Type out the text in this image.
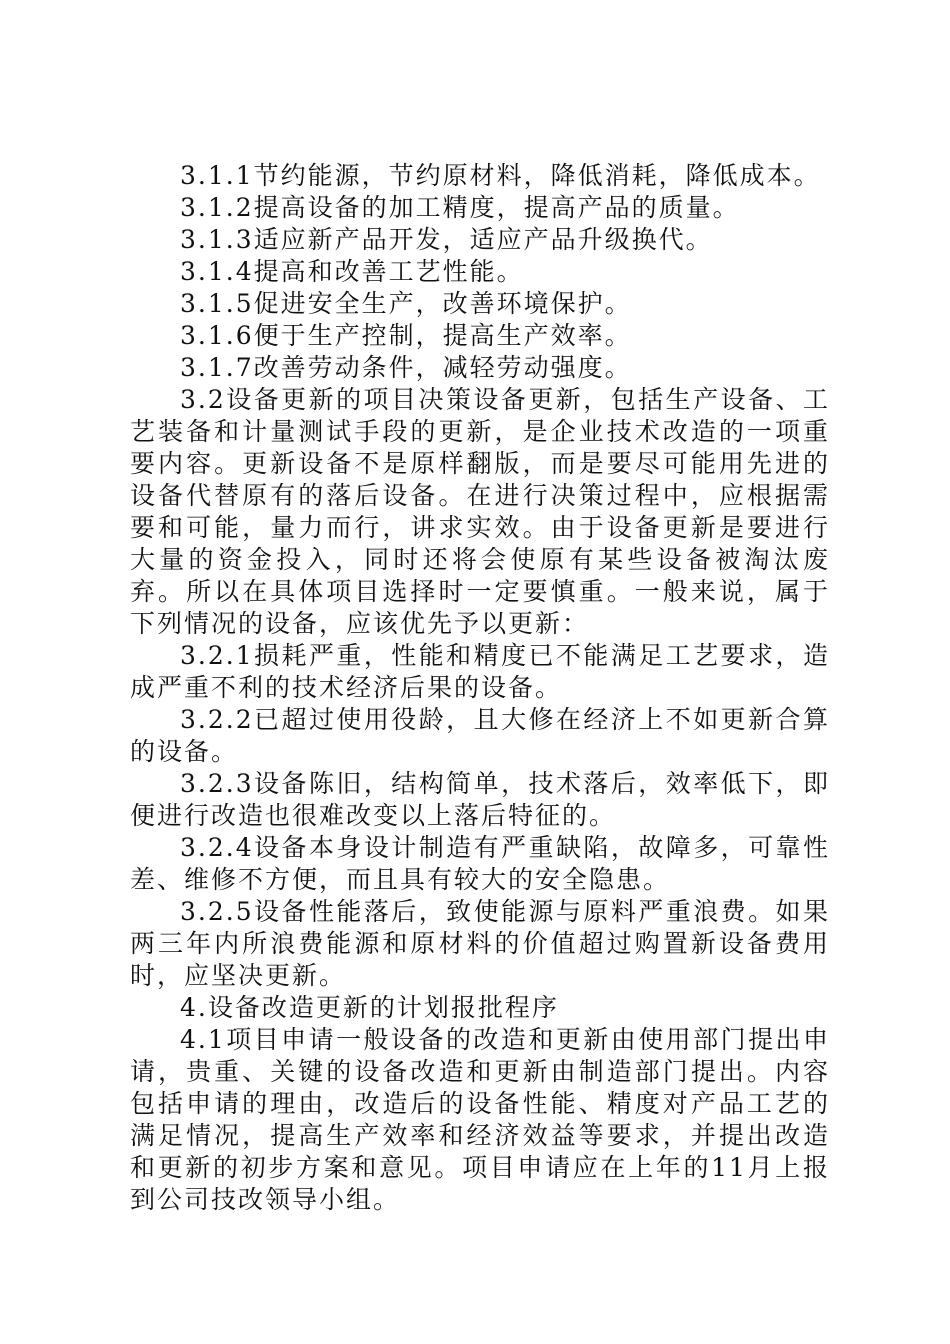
3.1.1节约能源，节约原材料，降低消耗，降低成本。

3.1.2提高设备的加工精度，提高产品的质量。

3.1.3适应新产品开发，适应产品升级换代。

3.1.4提高和改善工艺性能。

3.1.5促进安全生产，改善环境保护。

3.1.6便于生产控制，提高生产效率。

3.1.7改善劳动条件，减轻劳动强度。

3.2设备更新的项目决策设备更新，包括生产设备、工艺装备和计量测试手段的更新，是企业技术改造的一项重要内容。更新设备不是原样翻版，而是要尽可能用先进的设备代替原有的落后设备。在进行决策过程中，应根据需要和可能，量力而行，讲求实效。由于设备更新是要进行大量的资金投入，同时还将会使原有某些设备被淘汰废弃。所以在具体项目选择时一定要慎重。一般来说，属于下列情况的设备，应该优先予以更新：

3.2.1损耗严重，性能和精度已不能满足工艺要求，造成严重不利的技术经济后果的设备。

3.2.2已超过使用役龄，且大修在经济上不如更新合算的设备。

3.2.3设备陈旧，结构简单，技术落后，效率低下，即便进行改造也很难改变以上落后特征的。

3.2.4设备本身设计制造有严重缺陷，故障多，可靠性差、维修不方便，而且具有较大的安全隐患。

3.2.5设备性能落后，致使能源与原料严重浪费。如果两三年内所浪费能源和原材料的价值超过购置新设备费用时，应坚决更新。

4.设备改造更新的计划报批程序

4.1项目申请一般设备的改造和更新由使用部门提出申请，贵重、关键的设备改造和更新由制造部门提出。内容包括申请的理由，改造后的设备性能、精度对产品工艺的满足情况，提高生产效率和经济效益等要求，并提出改造和更新的初步方案和意见。项目申请应在上年的11月上报到公司技改领导小组。
